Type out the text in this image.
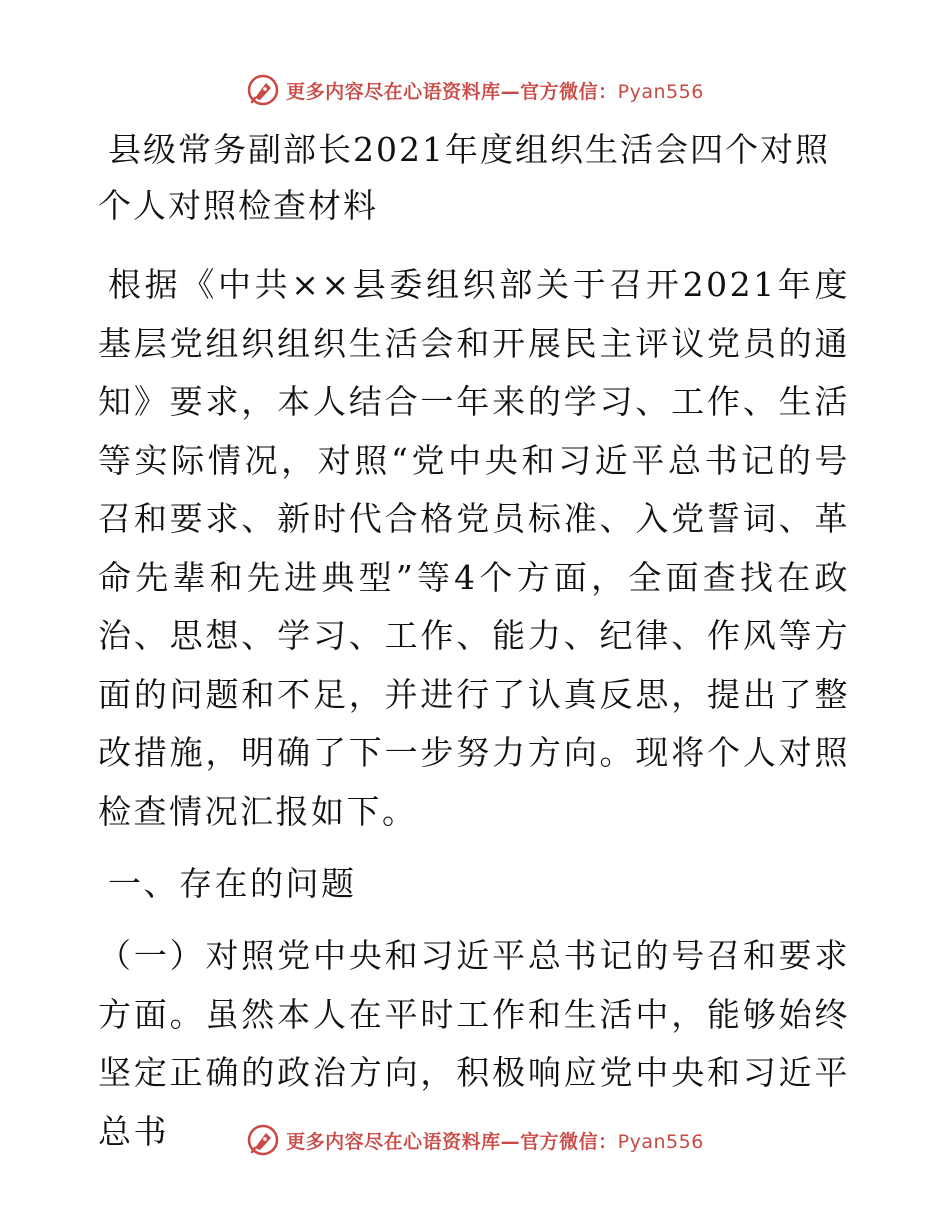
更多内容尽在心语资料库—官方微信：Pyan556
县级常务副部长2021年度组织生活会四个对照个人对照检查材料

根据《中共××县委组织部关于召开2021年度基层党组织组织生活会和开展民主评议党员的通知》要求，本人结合一年来的学习、工作、生活等实际情况，对照“党中央和习近平总书记的号召和要求、新时代合格党员标准、入党誓词、革命先辈和先进典型”等4个方面，全面查找在政治、思想、学习、工作、能力、纪律、作风等方面的问题和不足，并进行了认真反思，提出了整改措施，明确了下一步努力方向。现将个人对照检查情况汇报如下。

一、存在的问题

（一）对照党中央和习近平总书记的号召和要求方面。虽然本人在平时工作和生活中，能够始终坚定正确的政治方向，积极响应党中央和习近平总书	更多内容尽在心语资料库—官方微信：Pyan556
